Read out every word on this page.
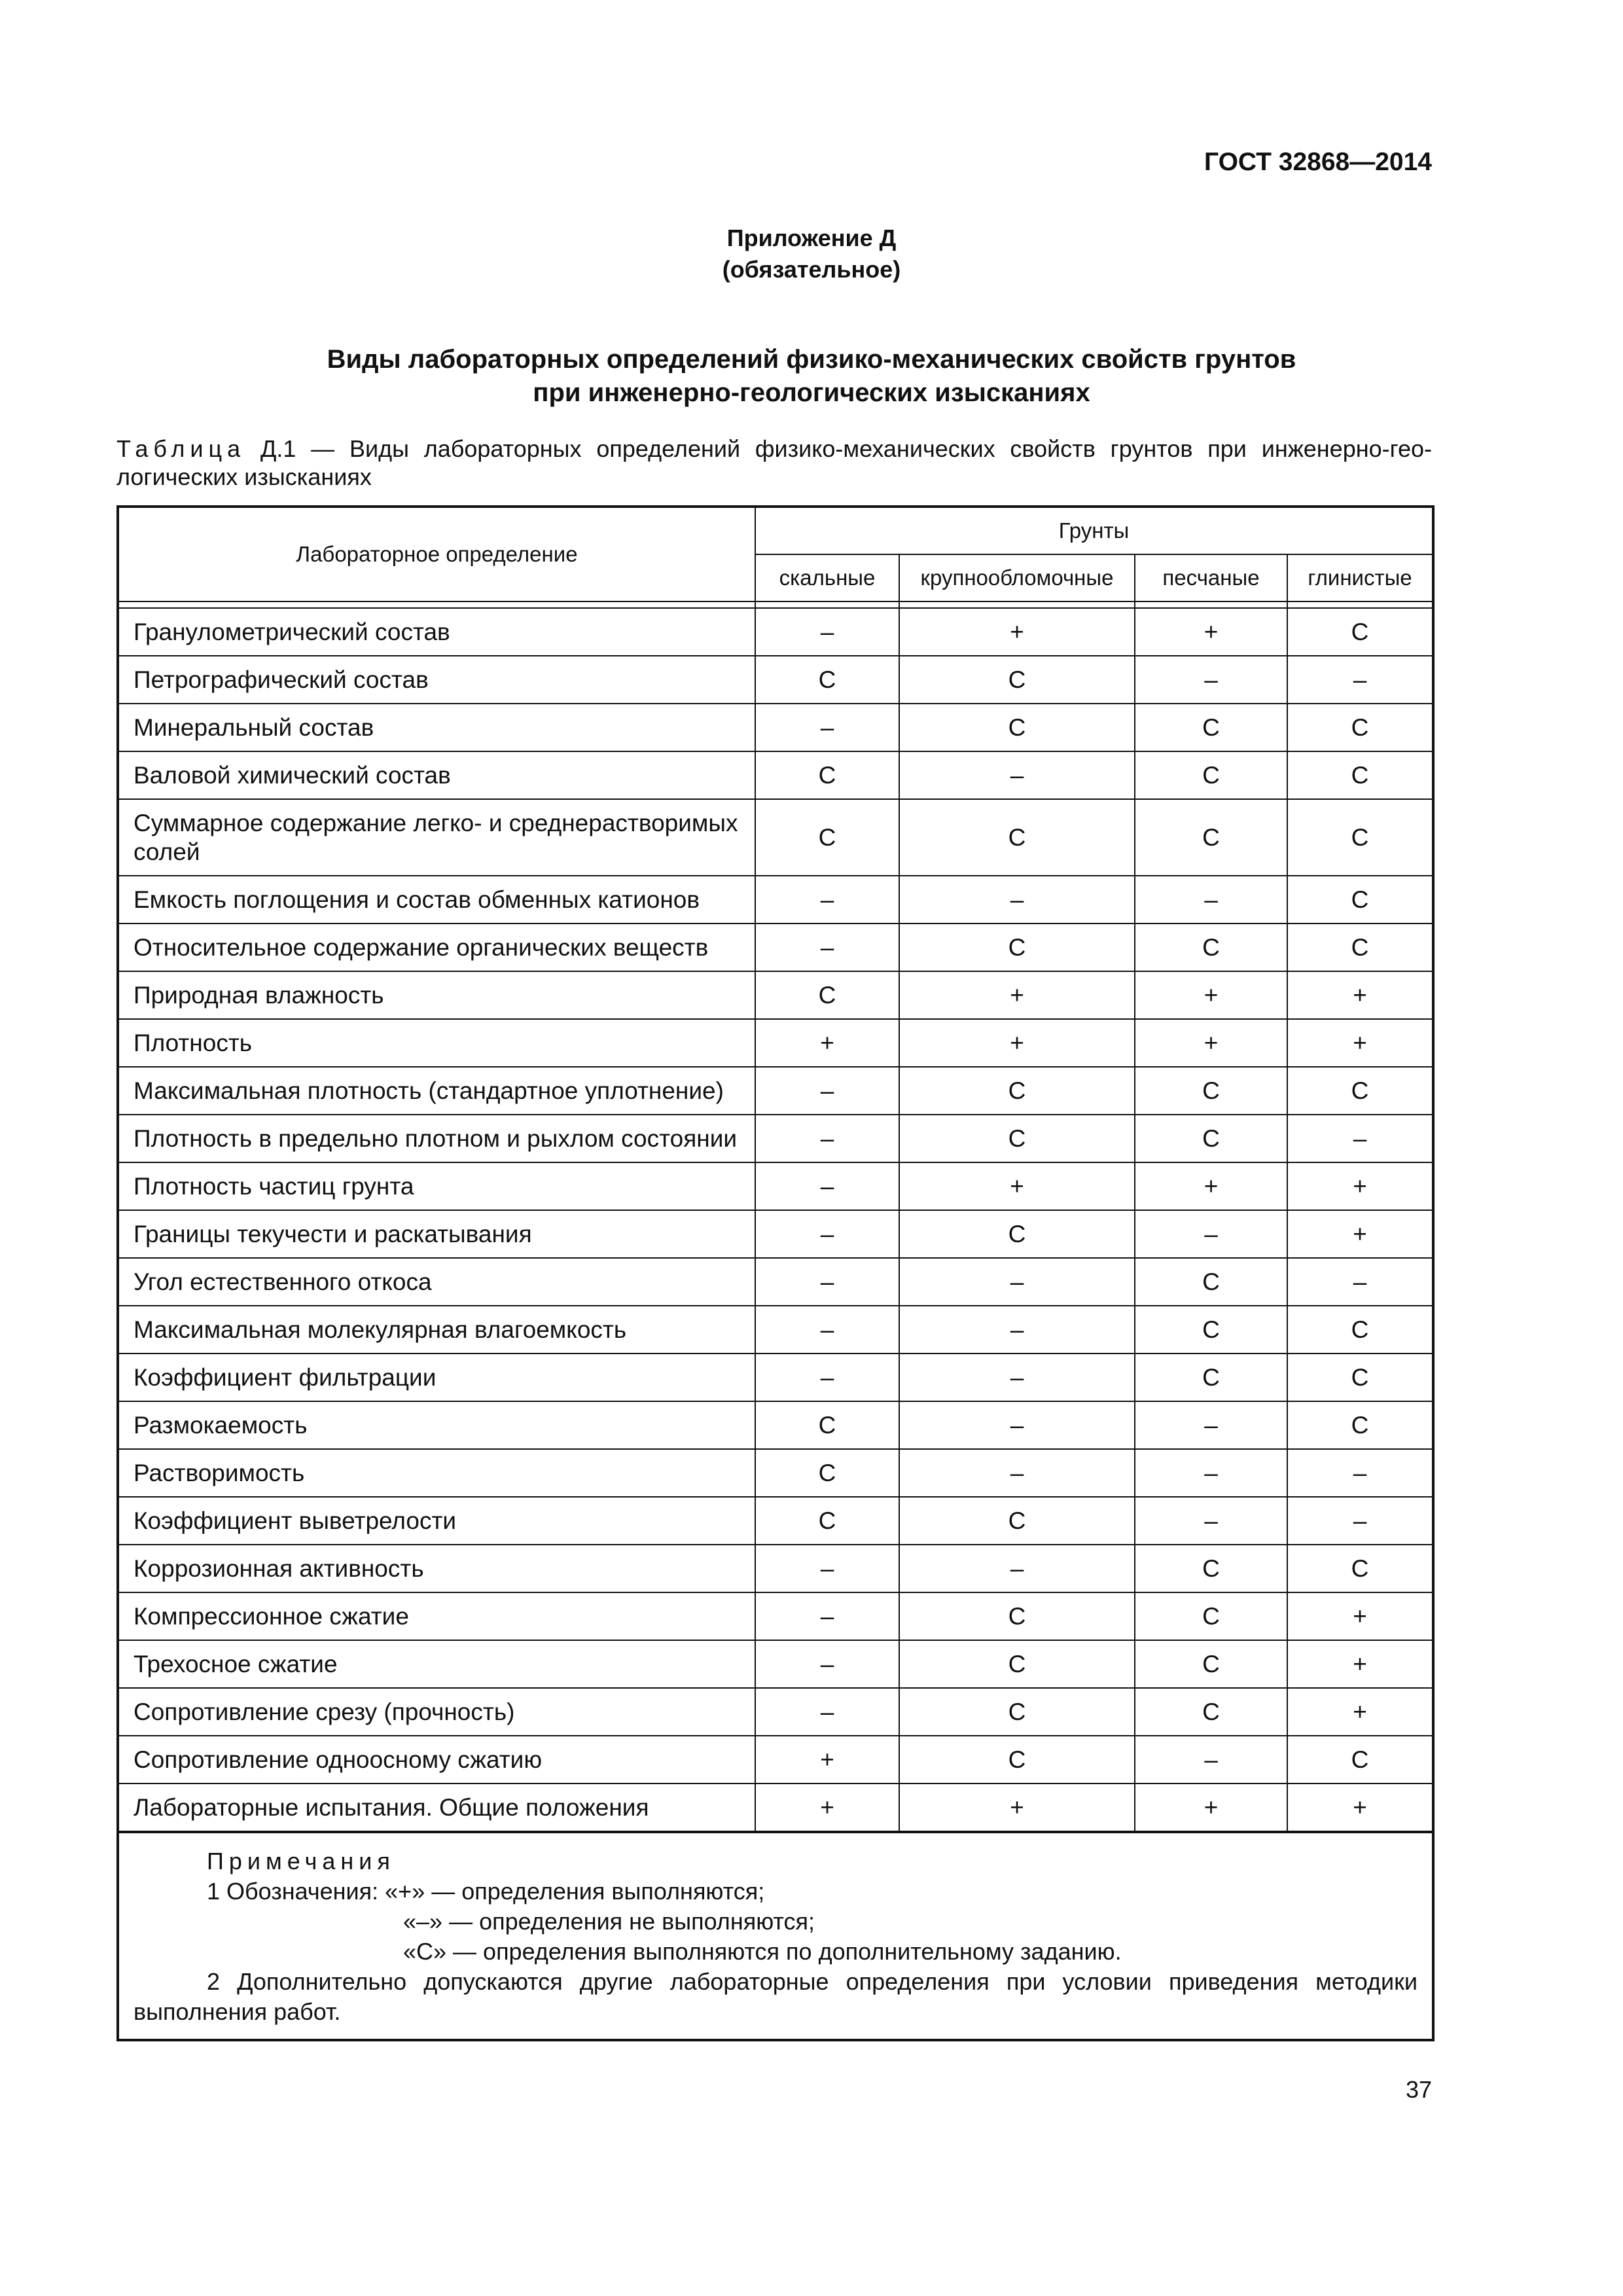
ГОСТ 32868—2014
Приложение Д
(обязательное)
Виды лабораторных определений физико-механических свойств грунтов
при инженерно-геологических изысканиях
Таблица Д.1 — Виды лабораторных определений физико-механических свойств грунтов при инженерно-гео-логических изысканиях
Лабораторное определение	Грунты			
	скальные	крупнообломочные	песчаные	глинистые

Гранулометрический состав	–	+	+	С
Петрографический состав	С	С	–	–
Минеральный состав	–	С	С	С
Валовой химический состав	С	–	С	С
Суммарное содержание легко- и среднерастворимых солей	С	С	С	С
Емкость поглощения и состав обменных катионов	–	–	–	С
Относительное содержание органических веществ	–	С	С	С
Природная влажность	С	+	+	+
Плотность	+	+	+	+
Максимальная плотность (стандартное уплотнение)	–	С	С	С
Плотность в предельно плотном и рыхлом состоянии	–	С	С	–
Плотность частиц грунта	–	+	+	+
Границы текучести и раскатывания	–	С	–	+
Угол естественного откоса	–	–	С	–
Максимальная молекулярная влагоемкость	–	–	С	С
Коэффициент фильтрации	–	–	С	С
Размокаемость	С	–	–	С
Растворимость	С	–	–	–
Коэффициент выветрелости	С	С	–	–
Коррозионная активность	–	–	С	С
Компрессионное сжатие	–	С	С	+
Трехосное сжатие	–	С	С	+
Сопротивление срезу (прочность)	–	С	С	+
Сопротивление одноосному сжатию	+	С	–	С
Лабораторные испытания. Общие положения	+	+	+	+

Примечания
1 Обозначения: «+» — определения выполняются;
«–» — определения не выполняются;
«С» — определения выполняются по дополнительному заданию.
2 Дополнительно допускаются другие лабораторные определения при условии приведения методики выполнения работ.				
37
